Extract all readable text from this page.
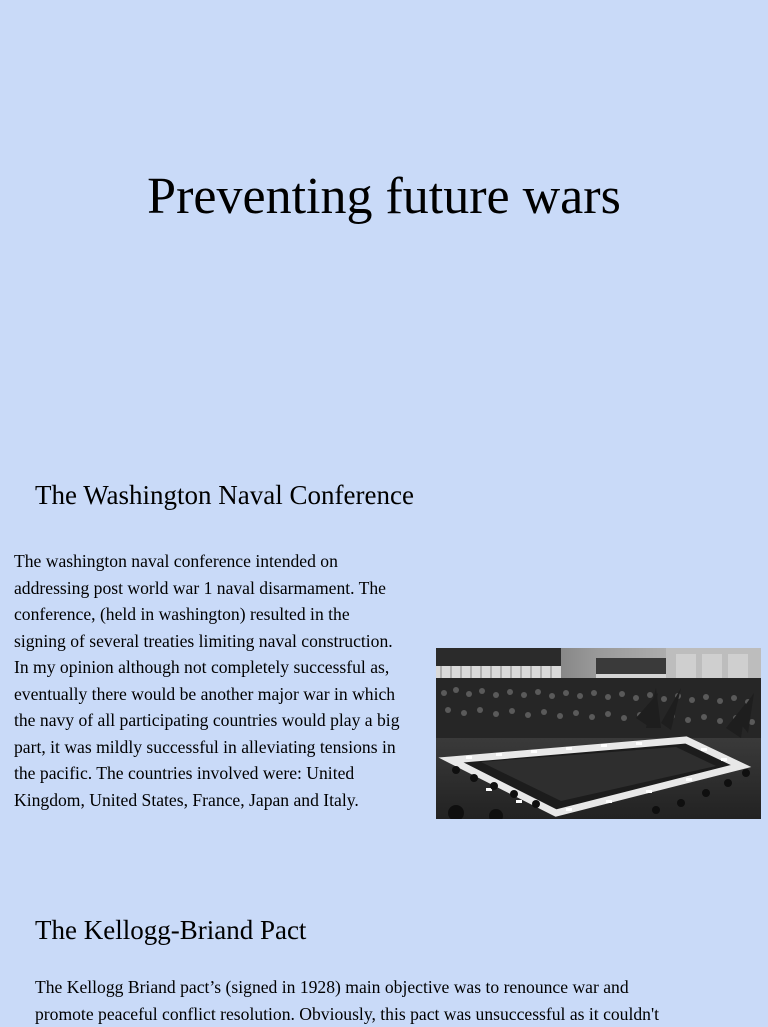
Preventing future wars
The Washington Naval Conference

The washington naval conference intended on
addressing post world war 1 naval disarmament. The
conference, (held in washington) resulted in the
signing of several treaties limiting naval construction.
In my opinion although not completely successful as,
eventually there would be another major war in which
the navy of all participating countries would play a big
part, it was mildly successful in alleviating tensions in
the pacific. The countries involved were: United
Kingdom, United States, France, Japan and Italy.

The Kellogg-Briand Pact

The Kellogg Briand pact’s (signed in 1928) main objective was to renounce war and
promote peaceful conflict resolution. Obviously, this pact was unsuccessful as it couldn't
